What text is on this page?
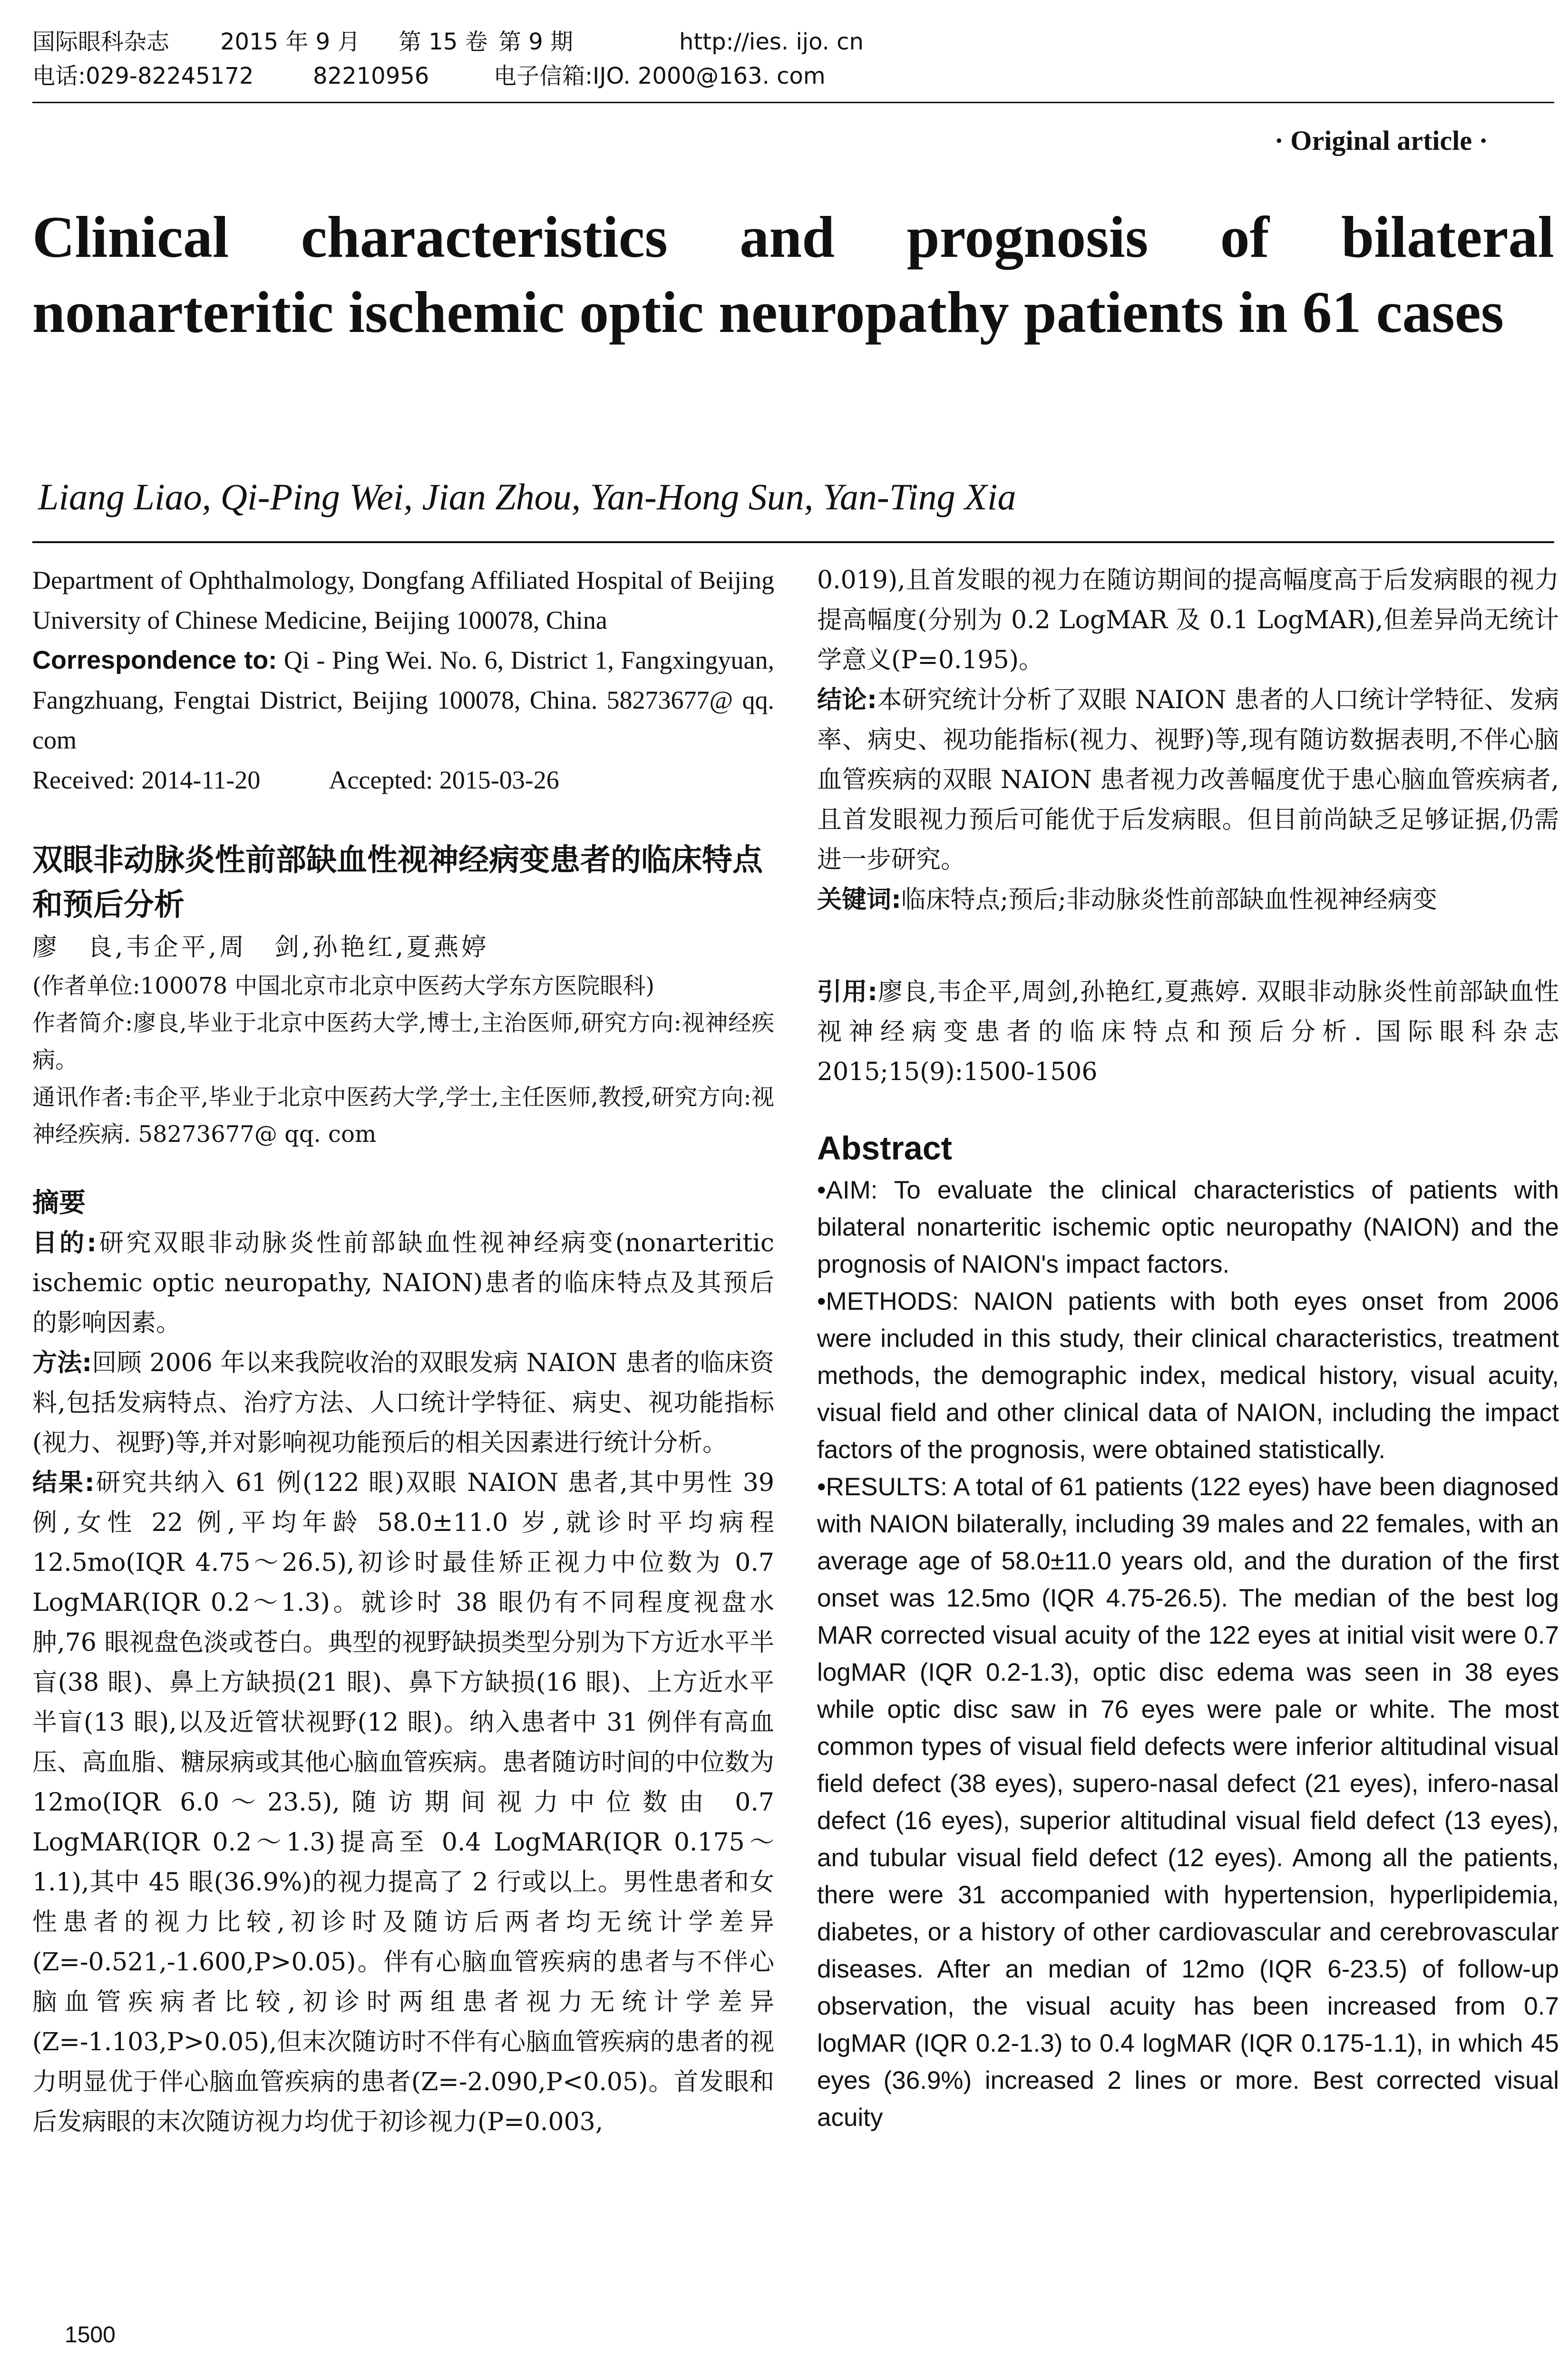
国际眼科杂志	2015 年 9 月	第 15 卷 第 9 期	http://ies. ijo. cn
电话:029-82245172	82210956	电子信箱:IJO. 2000@163. com
· Original article ·
Clinical characteristics and prognosis of bilateral nonarteritic ischemic optic neuropathy patients in 61 cases
Liang Liao, Qi-Ping Wei, Jian Zhou, Yan-Hong Sun, Yan-Ting Xia
Department of Ophthalmology, Dongfang Affiliated Hospital of Beijing University of Chinese Medicine, Beijing 100078, China
Correspondence to: Qi - Ping Wei. No. 6, District 1, Fangxingyuan, Fangzhuang, Fengtai District, Beijing 100078, China. 58273677@ qq. com
Received: 2014-11-20	Accepted: 2015-03-26
双眼非动脉炎性前部缺血性视神经病变患者的临床特点和预后分析
廖　良,韦企平,周　剑,孙艳红,夏燕婷
(作者单位:100078 中国北京市北京中医药大学东方医院眼科)
作者简介:廖良,毕业于北京中医药大学,博士,主治医师,研究方向:视神经疾病。
通讯作者:韦企平,毕业于北京中医药大学,学士,主任医师,教授,研究方向:视神经疾病. 58273677@ qq. com
摘要
目的:研究双眼非动脉炎性前部缺血性视神经病变(nonarteritic ischemic optic neuropathy, NAION)患者的临床特点及其预后的影响因素。
方法:回顾 2006 年以来我院收治的双眼发病 NAION 患者的临床资料,包括发病特点、治疗方法、人口统计学特征、病史、视功能指标(视力、视野)等,并对影响视功能预后的相关因素进行统计分析。
结果:研究共纳入 61 例(122 眼)双眼 NAION 患者,其中男性 39 例,女性 22 例,平均年龄 58.0±11.0 岁,就诊时平均病程 12.5mo(IQR 4.75～26.5),初诊时最佳矫正视力中位数为 0.7 LogMAR(IQR 0.2～1.3)。就诊时 38 眼仍有不同程度视盘水肿,76 眼视盘色淡或苍白。典型的视野缺损类型分别为下方近水平半盲(38 眼)、鼻上方缺损(21 眼)、鼻下方缺损(16 眼)、上方近水平半盲(13 眼),以及近管状视野(12 眼)。纳入患者中 31 例伴有高血压、高血脂、糖尿病或其他心脑血管疾病。患者随访时间的中位数为 12mo(IQR 6.0～23.5),随访期间视力中位数由 0.7 LogMAR(IQR 0.2～1.3)提高至 0.4 LogMAR(IQR 0.175～1.1),其中 45 眼(36.9%)的视力提高了 2 行或以上。男性患者和女性患者的视力比较,初诊时及随访后两者均无统计学差异(Z=-0.521,-1.600,P>0.05)。伴有心脑血管疾病的患者与不伴心脑血管疾病者比较,初诊时两组患者视力无统计学差异(Z=-1.103,P>0.05),但末次随访时不伴有心脑血管疾病的患者的视力明显优于伴心脑血管疾病的患者(Z=-2.090,P<0.05)。首发眼和后发病眼的末次随访视力均优于初诊视力(P=0.003,
0.019),且首发眼的视力在随访期间的提高幅度高于后发病眼的视力提高幅度(分别为 0.2 LogMAR 及 0.1 LogMAR),但差异尚无统计学意义(P=0.195)。
结论:本研究统计分析了双眼 NAION 患者的人口统计学特征、发病率、病史、视功能指标(视力、视野)等,现有随访数据表明,不伴心脑血管疾病的双眼 NAION 患者视力改善幅度优于患心脑血管疾病者,且首发眼视力预后可能优于后发病眼。但目前尚缺乏足够证据,仍需进一步研究。
关键词:临床特点;预后;非动脉炎性前部缺血性视神经病变
引用:廖良,韦企平,周剑,孙艳红,夏燕婷. 双眼非动脉炎性前部缺血性视神经病变患者的临床特点和预后分析. 国际眼科杂志 2015;15(9):1500-1506
Abstract
•AIM: To evaluate the clinical characteristics of patients with bilateral nonarteritic ischemic optic neuropathy (NAION) and the prognosis of NAION's impact factors.
•METHODS: NAION patients with both eyes onset from 2006 were included in this study, their clinical characteristics, treatment methods, the demographic index, medical history, visual acuity, visual field and other clinical data of NAION, including the impact factors of the prognosis, were obtained statistically.
•RESULTS: A total of 61 patients (122 eyes) have been diagnosed with NAION bilaterally, including 39 males and 22 females, with an average age of 58.0±11.0 years old, and the duration of the first onset was 12.5mo (IQR 4.75-26.5). The median of the best log MAR corrected visual acuity of the 122 eyes at initial visit were 0.7 logMAR (IQR 0.2-1.3), optic disc edema was seen in 38 eyes while optic disc saw in 76 eyes were pale or white. The most common types of visual field defects were inferior altitudinal visual field defect (38 eyes), supero-nasal defect (21 eyes), infero-nasal defect (16 eyes), superior altitudinal visual field defect (13 eyes), and tubular visual field defect (12 eyes). Among all the patients, there were 31 accompanied with hypertension, hyperlipidemia, diabetes, or a history of other cardiovascular and cerebrovascular diseases. After an median of 12mo (IQR 6-23.5) of follow-up observation, the visual acuity has been increased from 0.7 logMAR (IQR 0.2-1.3) to 0.4 logMAR (IQR 0.175-1.1), in which 45 eyes (36.9%) increased 2 lines or more. Best corrected visual acuity
1500
